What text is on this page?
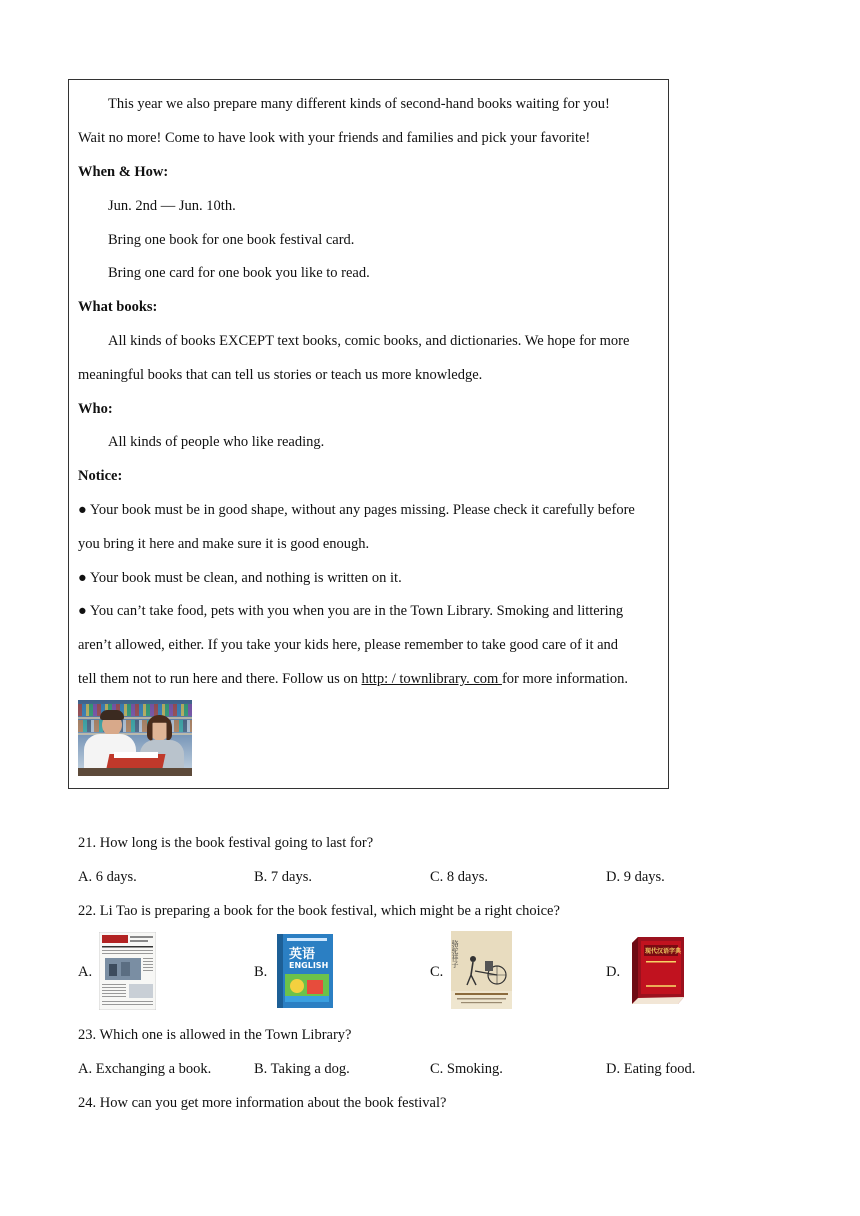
This year we also prepare many different kinds of second-hand books waiting for you!
Wait no more! Come to have look with your friends and families and pick your favorite!
When & How:
Jun. 2nd — Jun. 10th.
Bring one book for one book festival card.
Bring one card for one book you like to read.
What books:
All kinds of books EXCEPT text books, comic books, and dictionaries. We hope for more
meaningful books that can tell us stories or teach us more knowledge.
Who:
All kinds of people who like reading.
Notice:
● Your book must be in good shape, without any pages missing. Please check it carefully before
you bring it here and make sure it is good enough.
● Your book must be clean, and nothing is written on it.
● You can’t take food, pets with you when you are in the Town Library. Smoking and littering
aren’t allowed, either. If you take your kids here, please remember to take good care of it and
tell them not to run here and there. Follow us on http: / townlibrary. com for more information.
21. How long is the book festival going to last for?
A. 6 days.	B. 7 days.	C. 8 days.	D. 9 days.
22. Li Tao is preparing a book for the book festival, which might be a right choice?
A.	B.	C.	D.
英语
ENGLISH	骆驼祥子	现代汉语字典
23. Which one is allowed in the Town Library?
A. Exchanging a book.	B. Taking a dog.	C. Smoking.	D. Eating food.
24. How can you get more information about the book festival?
